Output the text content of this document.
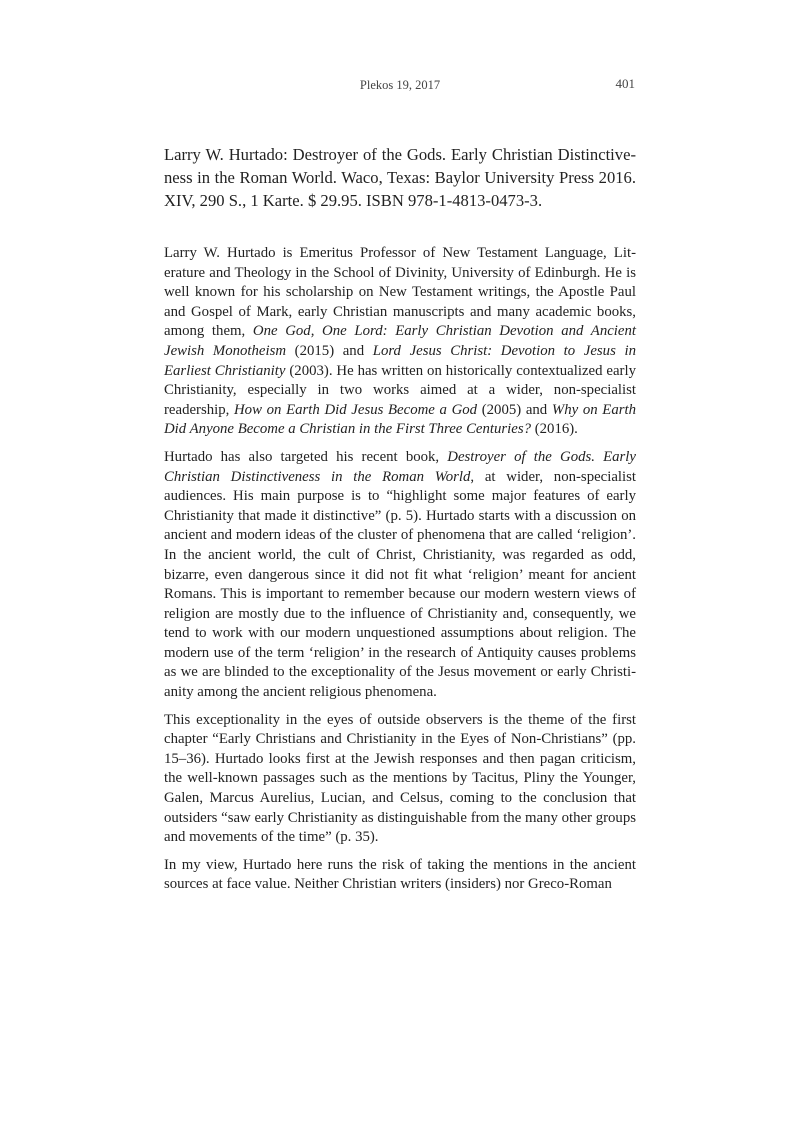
Plekos 19, 2017	401

Larry W. Hurtado: Destroyer of the Gods. Early Christian Distinctiveness in the Roman World. Waco, Texas: Baylor University Press 2016. XIV, 290 S., 1 Karte. $ 29.95. ISBN 978-1-4813-0473-3.

Larry W. Hurtado is Emeritus Professor of New Testament Language, Literature and Theology in the School of Divinity, University of Edinburgh. He is well known for his scholarship on New Testament writings, the Apostle Paul and Gospel of Mark, early Christian manuscripts and many academic books, among them, One God, One Lord: Early Christian Devotion and Ancient Jewish Monotheism (2015) and Lord Jesus Christ: Devotion to Jesus in Earliest Christianity (2003). He has written on historically contextualized early Christianity, especially in two works aimed at a wider, non-specialist readership, How on Earth Did Jesus Become a God (2005) and Why on Earth Did Anyone Become a Christian in the First Three Centuries? (2016).

Hurtado has also targeted his recent book, Destroyer of the Gods. Early Christian Distinctiveness in the Roman World, at wider, non-specialist audiences. His main purpose is to “highlight some major features of early Christianity that made it distinctive” (p. 5). Hurtado starts with a discussion on ancient and modern ideas of the cluster of phenomena that are called ‘religion’. In the ancient world, the cult of Christ, Christianity, was regarded as odd, bizarre, even dangerous since it did not fit what ‘religion’ meant for ancient Romans. This is important to remember because our modern western views of religion are mostly due to the influence of Christianity and, consequently, we tend to work with our modern unquestioned assumptions about religion. The modern use of the term ‘religion’ in the research of Antiquity causes problems as we are blinded to the exceptionality of the Jesus movement or early Christianity among the ancient religious phenomena.

This exceptionality in the eyes of outside observers is the theme of the first chapter “Early Christians and Christianity in the Eyes of Non-Christians” (pp. 15–36). Hurtado looks first at the Jewish responses and then pagan criticism, the well-known passages such as the mentions by Tacitus, Pliny the Younger, Galen, Marcus Aurelius, Lucian, and Celsus, coming to the conclusion that outsiders “saw early Christianity as distinguishable from the many other groups and movements of the time” (p. 35).

In my view, Hurtado here runs the risk of taking the mentions in the ancient sources at face value. Neither Christian writers (insiders) nor Greco-Roman
